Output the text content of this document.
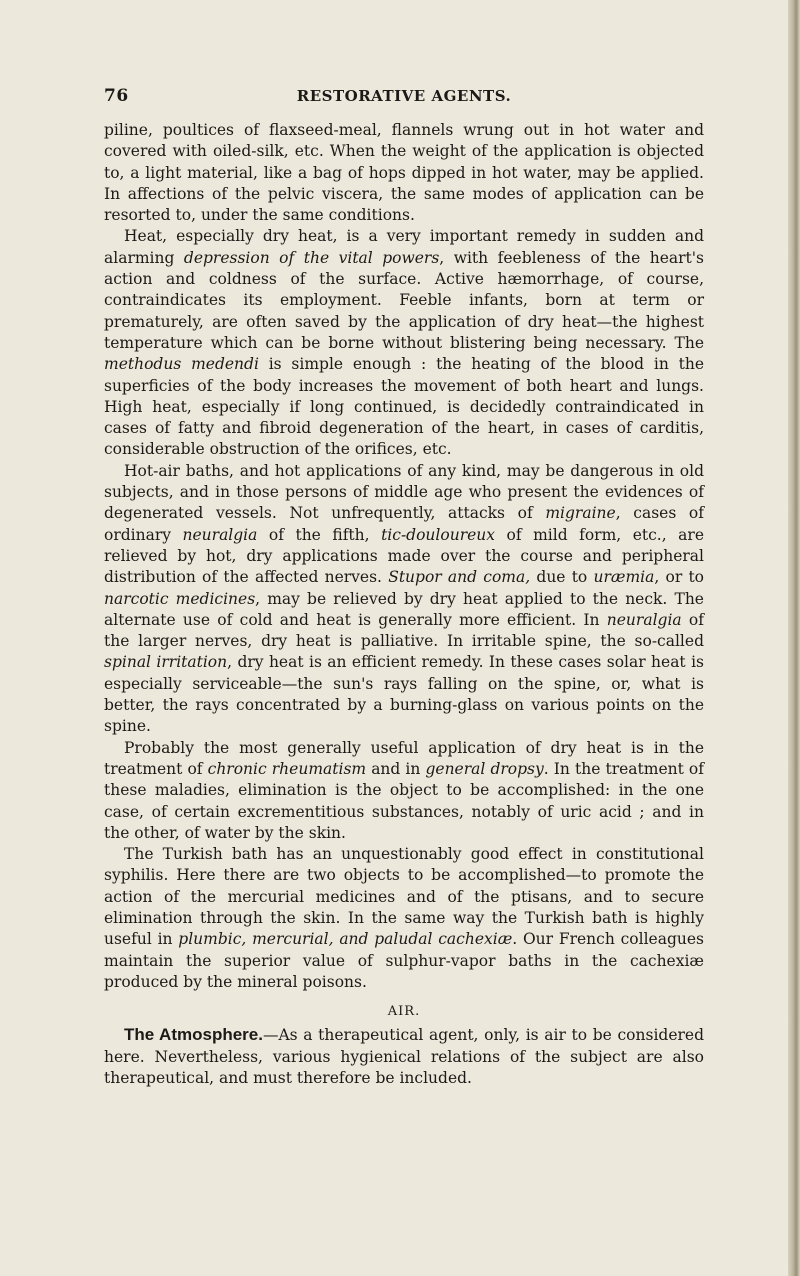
76	RESTORATIVE AGENTS.

piline, poultices of flaxseed-meal, flannels wrung out in hot water and covered with oiled-silk, etc. When the weight of the application is objected to, a light material, like a bag of hops dipped in hot water, may be applied. In affections of the pelvic viscera, the same modes of application can be resorted to, under the same conditions.

Heat, especially dry heat, is a very important remedy in sudden and alarming depression of the vital powers, with feebleness of the heart's action and coldness of the surface. Active hæmorrhage, of course, contraindicates its employment. Feeble infants, born at term or prematurely, are often saved by the application of dry heat—the highest temperature which can be borne without blistering being necessary. The methodus medendi is simple enough : the heating of the blood in the superficies of the body increases the movement of both heart and lungs. High heat, especially if long continued, is decidedly contraindicated in cases of fatty and fibroid degeneration of the heart, in cases of carditis, considerable obstruction of the orifices, etc.

Hot-air baths, and hot applications of any kind, may be dangerous in old subjects, and in those persons of middle age who present the evidences of degenerated vessels. Not unfrequently, attacks of migraine, cases of ordinary neuralgia of the fifth, tic-douloureux of mild form, etc., are relieved by hot, dry applications made over the course and peripheral distribution of the affected nerves. Stupor and coma, due to uræmia, or to narcotic medicines, may be relieved by dry heat applied to the neck. The alternate use of cold and heat is generally more efficient. In neuralgia of the larger nerves, dry heat is palliative. In irritable spine, the so-called spinal irritation, dry heat is an efficient remedy. In these cases solar heat is especially serviceable—the sun's rays falling on the spine, or, what is better, the rays concentrated by a burning-glass on various points on the spine.

Probably the most generally useful application of dry heat is in the treatment of chronic rheumatism and in general dropsy. In the treatment of these maladies, elimination is the object to be accomplished: in the one case, of certain excrementitious substances, notably of uric acid ; and in the other, of water by the skin.

The Turkish bath has an unquestionably good effect in constitutional syphilis. Here there are two objects to be accomplished—to promote the action of the mercurial medicines and of the ptisans, and to secure elimination through the skin. In the same way the Turkish bath is highly useful in plumbic, mercurial, and paludal cachexiæ. Our French colleagues maintain the superior value of sulphur-vapor baths in the cachexiæ produced by the mineral poisons.

AIR.

The Atmosphere.—As a therapeutical agent, only, is air to be considered here. Nevertheless, various hygienical relations of the subject are also therapeutical, and must therefore be included.
